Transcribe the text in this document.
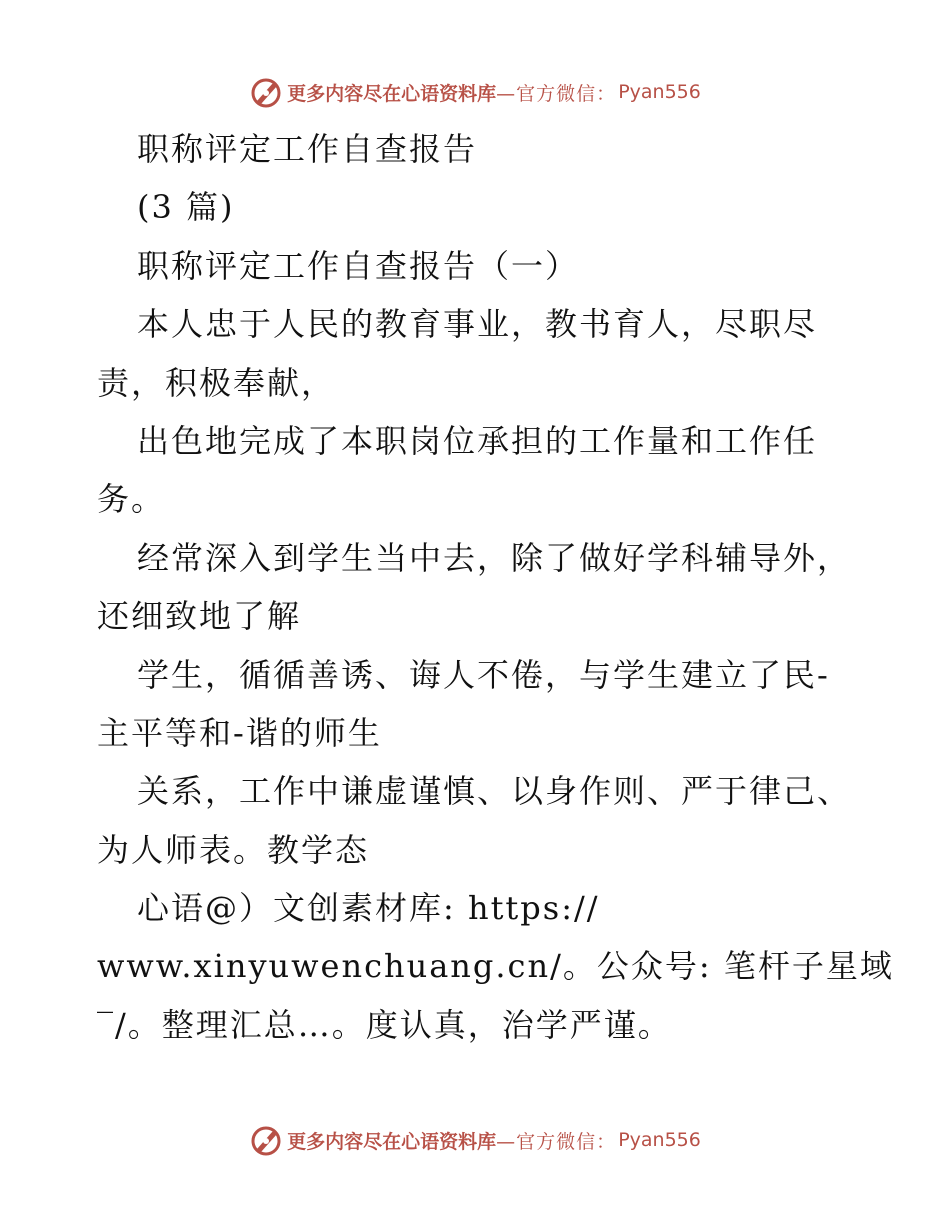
更多内容尽在心语资料库 —官方微信： Pyan556
职称评定工作自查报告
(3 篇)
职称评定工作自查报告（一）
本人忠于人民的教育事业，教书育人，尽职尽
责，积极奉献，
出色地完成了本职岗位承担的工作量和工作任
务。
经常深入到学生当中去，除了做好学科辅导外，
还细致地了解
学生，循循善诱、诲人不倦，与学生建立了民-
主平等和-谐的师生
关系，工作中谦虚谨慎、以身作则、严于律己、
为人师表。教学态
心语@）文创素材库: https://
www.xinyuwenchuang.cn/。公众号: 笔杆子星域
‾/。整理汇总…。度认真，治学严谨。
更多内容尽在心语资料库 —官方微信： Pyan556
